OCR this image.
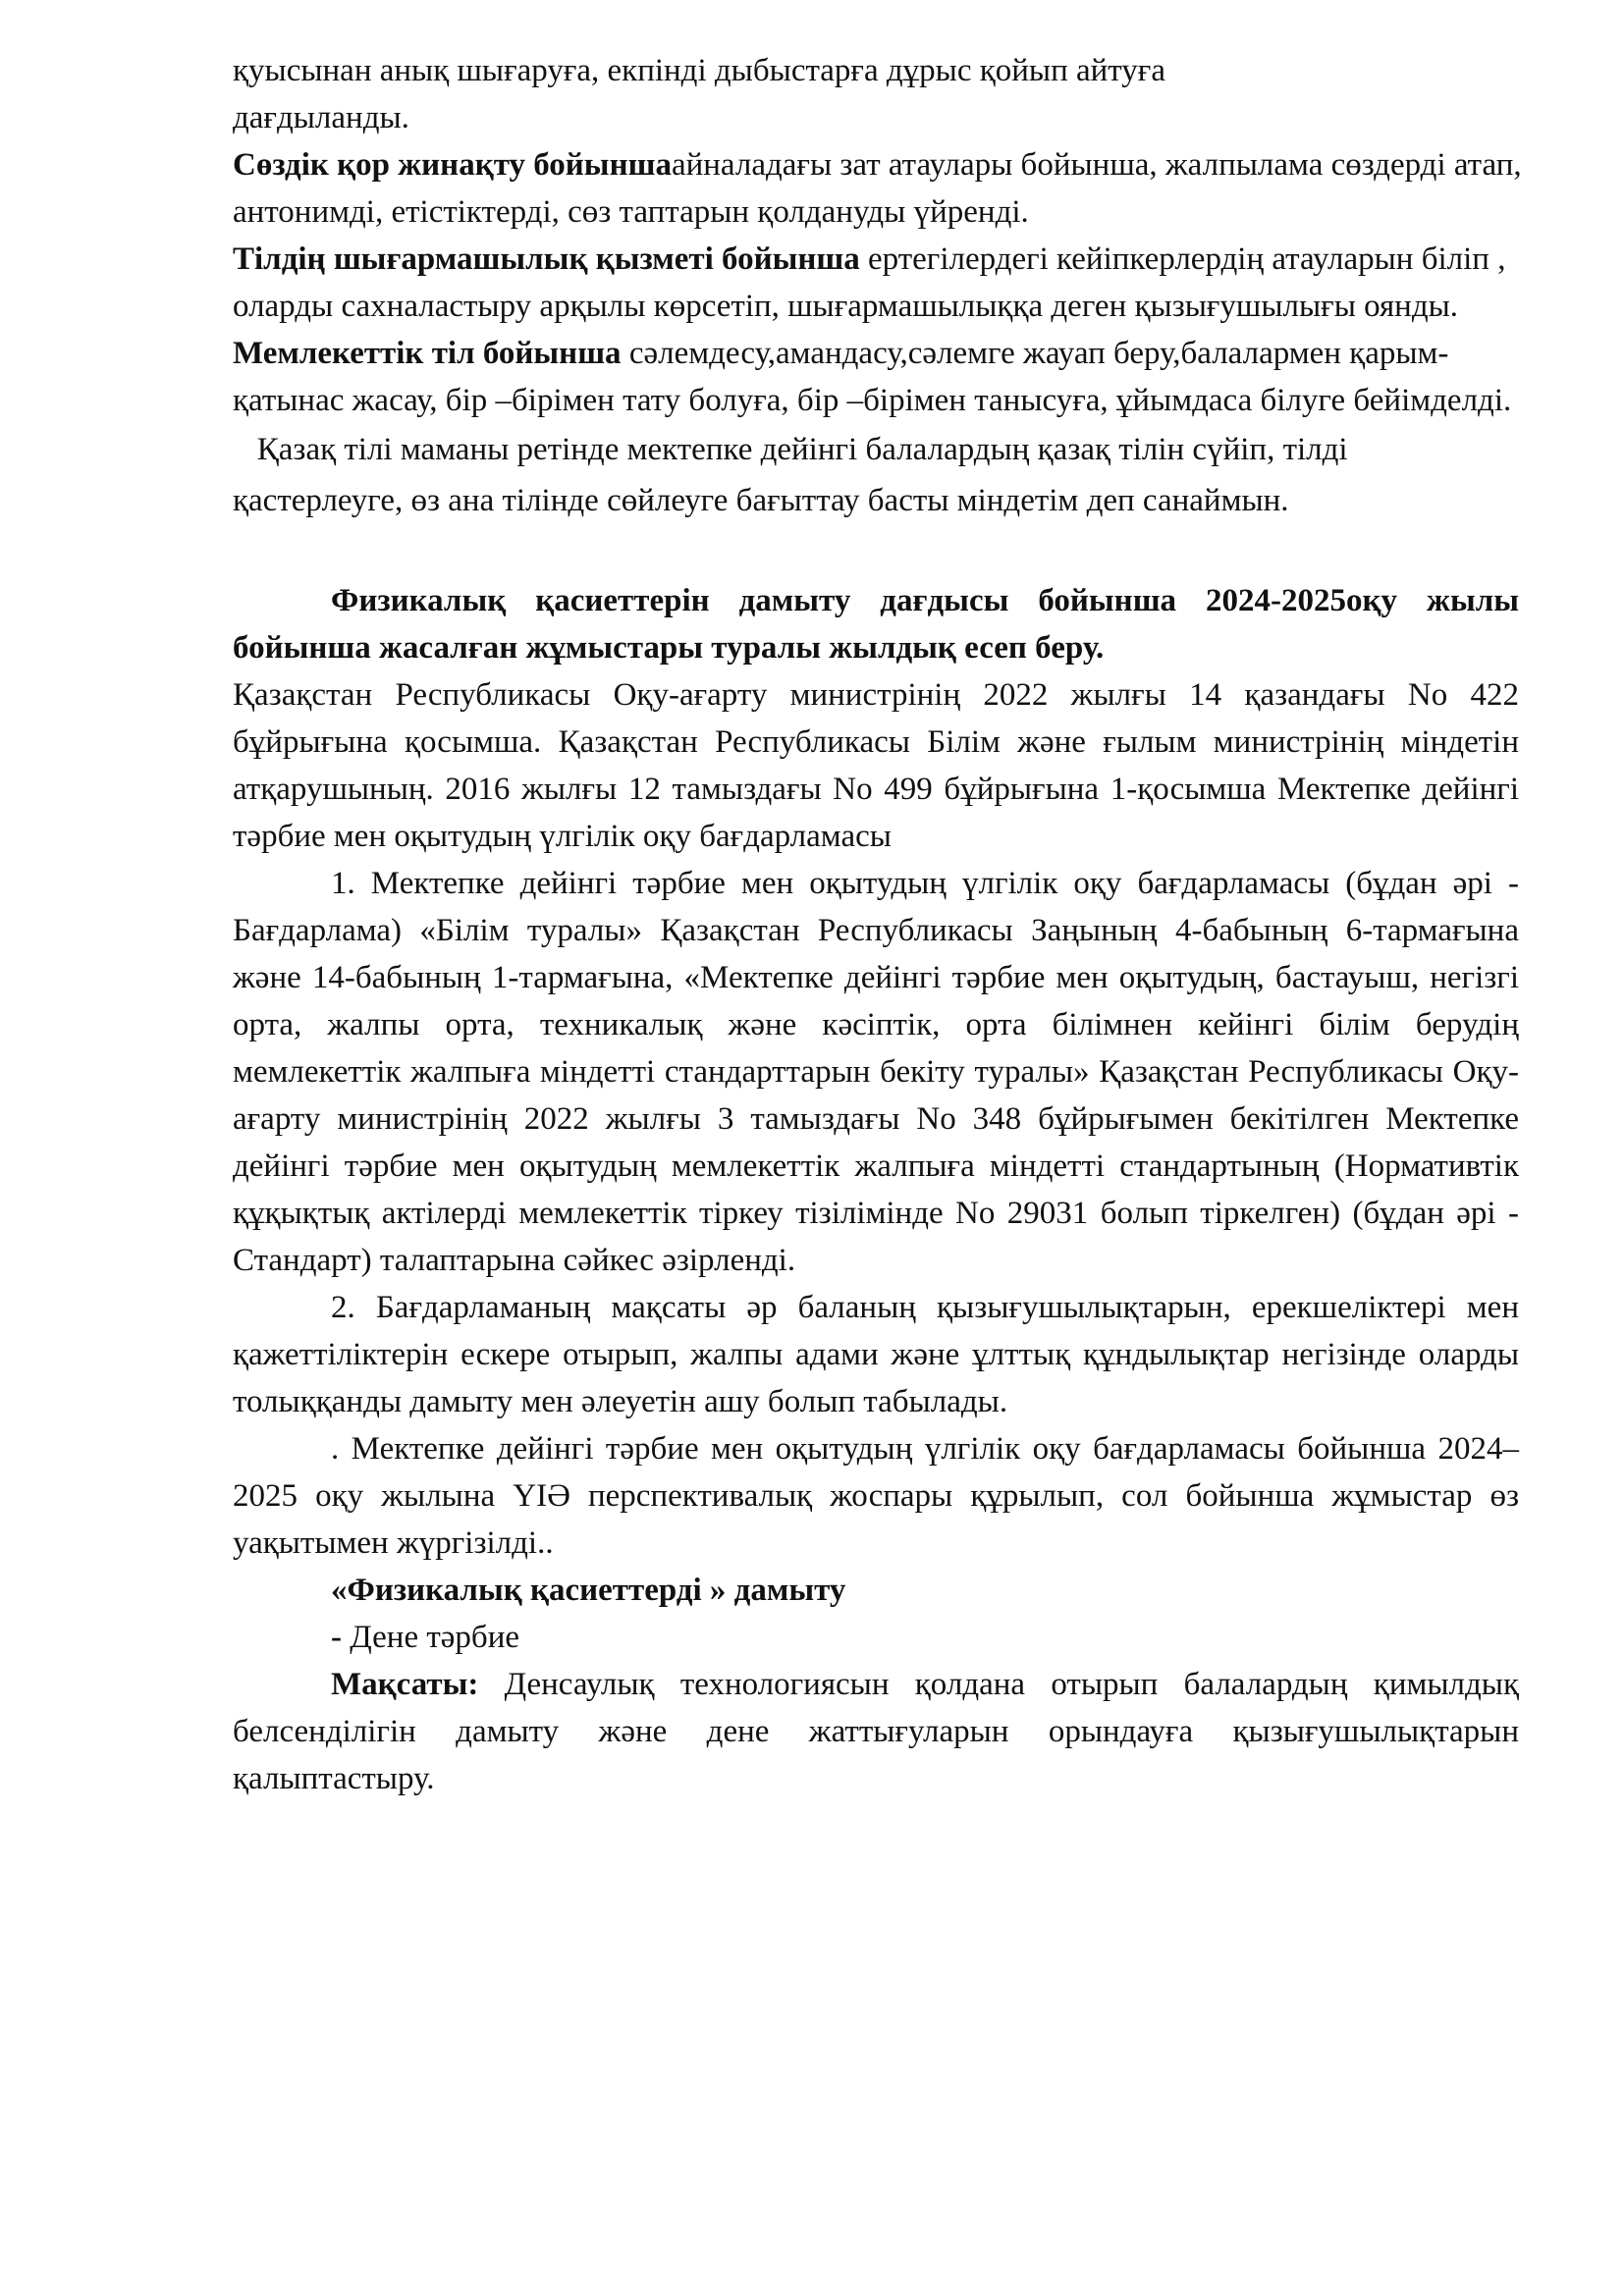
қуысынан анық шығаруға, екпінді дыбыстарға дұрыс қойып айтуға дағдыланды.

Сөздік қор жинақту бойыншаайналадағы зат атаулары бойынша, жалпылама сөздерді атап, антонимді, етістіктерді, сөз таптарын қолдануды үйренді.

Тілдің шығармашылық қызметі бойынша ертегілердегі кейіпкерлердің атауларын біліп , оларды сахналастыру арқылы көрсетіп, шығармашылыққа деген қызығушылығы оянды.

Мемлекеттік тіл бойынша сәлемдесу,амандасу,сәлемге жауап беру,балалармен қарым-қатынас жасау, бір –бірімен тату болуға, бір –бірімен танысуға, ұйымдаса білуге бейімделді.

Қазақ тілі маманы ретінде мектепке дейінгі балалардың қазақ тілін сүйіп, тілді қастерлеуге, өз ана тілінде сөйлеуге бағыттау басты міндетім деп санаймын.

Физикалық қасиеттерін дамыту дағдысы бойынша 2024-2025оқу жылы бойынша жасалған жұмыстары туралы жылдық есеп беру.

Қазақстан Республикасы Оқу-ағарту министрінің 2022 жылғы 14 қазандағы No 422 бұйрығына қосымша. Қазақстан Республикасы Білім және ғылым министрінің міндетін атқарушының. 2016 жылғы 12 тамыздағы No 499 бұйрығына 1-қосымша Мектепке дейінгі тәрбие мен оқытудың үлгілік оқу бағдарламасы

1. Мектепке дейінгі тәрбие мен оқытудың үлгілік оқу бағдарламасы (бұдан әрі - Бағдарлама) «Білім туралы» Қазақстан Республикасы Заңының 4-бабының 6-тармағына және 14-бабының 1-тармағына, «Мектепке дейінгі тәрбие мен оқытудың, бастауыш, негізгі орта, жалпы орта, техникалық және кәсіптік, орта білімнен кейінгі білім берудің мемлекеттік жалпыға міндетті стандарттарын бекіту туралы» Қазақстан Республикасы Оқу-ағарту министрінің 2022 жылғы 3 тамыздағы No 348 бұйрығымен бекітілген Мектепке дейінгі тәрбие мен оқытудың мемлекеттік жалпыға міндетті стандартының (Нормативтік құқықтық актілерді мемлекеттік тіркеу тізілімінде No 29031 болып тіркелген) (бұдан әрі - Стандарт) талаптарына сәйкес әзірленді.

2. Бағдарламаның мақсаты әр баланың қызығушылықтарын, ерекшеліктері мен қажеттіліктерін ескере отырып, жалпы адами және ұлттық құндылықтар негізінде оларды толыққанды дамыту мен әлеуетін ашу болып табылады.

. Мектепке дейінгі тәрбие мен оқытудың үлгілік оқу бағдарламасы бойынша 2024– 2025 оқу жылына ҮІӘ перспективалық жоспары құрылып, сол бойынша жұмыстар өз уақытымен жүргізілді..

«Физикалық қасиеттерді » дамыту

- Дене тәрбие

Мақсаты: Денсаулық технологиясын қолдана отырып балалардың қимылдық белсенділігін дамыту және дене жаттығуларын орындауға қызығушылықтарын қалыптастыру.
